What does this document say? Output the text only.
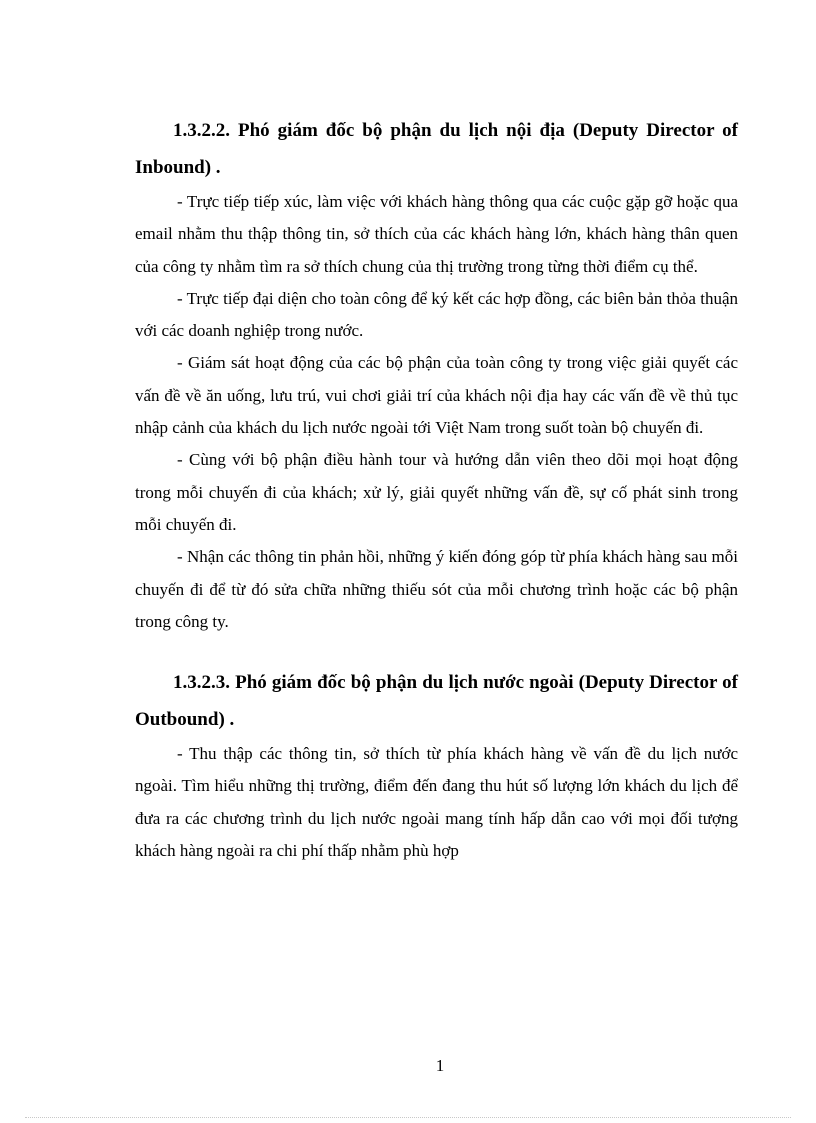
1.3.2.2. Phó giám đốc bộ phận du lịch nội địa (Deputy Director of Inbound) .

- Trực tiếp tiếp xúc, làm việc với khách hàng thông qua các cuộc gặp gỡ hoặc qua email nhằm thu thập thông tin, sở thích của các khách hàng lớn, khách hàng thân quen của công ty nhằm tìm ra sở thích chung của thị trường trong từng thời điểm cụ thể.

- Trực tiếp đại diện cho toàn công để ký kết các hợp đồng, các biên bản thỏa thuận với các doanh nghiệp trong nước.

- Giám sát hoạt động của các bộ phận của toàn công ty trong việc giải quyết các vấn đề về ăn uống, lưu trú, vui chơi giải trí của khách nội địa hay các vấn đề về thủ tục nhập cảnh của khách du lịch nước ngoài tới Việt Nam trong suốt toàn bộ chuyến đi.

- Cùng với bộ phận điều hành tour và hướng dẫn viên theo dõi mọi hoạt động trong mỗi chuyến đi của khách; xử lý, giải quyết những vấn đề, sự cố phát sinh trong mỗi chuyến đi.

- Nhận các thông tin phản hồi, những ý kiến đóng góp từ phía khách hàng sau mỗi chuyến đi để từ đó sửa chữa những thiếu sót của mỗi chương trình hoặc các bộ phận trong công ty.

1.3.2.3. Phó giám đốc bộ phận du lịch nước ngoài (Deputy Director of Outbound) .

- Thu thập các thông tin, sở thích từ phía khách hàng về vấn đề du lịch nước ngoài. Tìm hiểu những thị trường, điểm đến đang thu hút số lượng lớn khách du lịch để đưa ra các chương trình du lịch nước ngoài mang tính hấp dẫn cao với mọi đối tượng khách hàng ngoài ra chi phí thấp nhằm phù hợp

1
